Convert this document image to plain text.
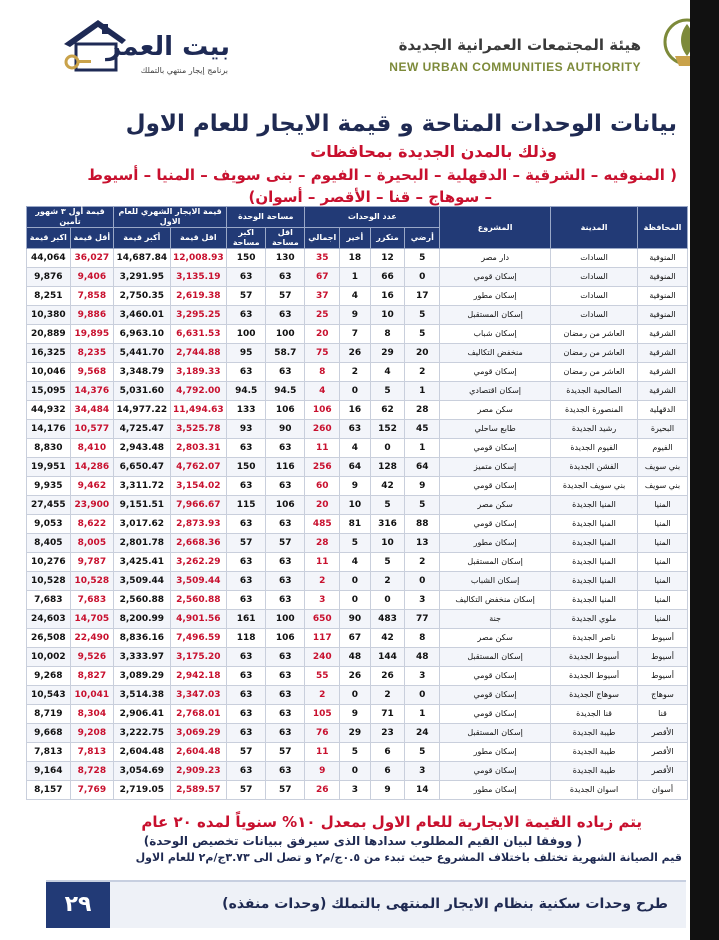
بيت العمر
برنامج إيجار منتهي بالتملك
هيئة المجتمعات العمرانية الجديدة
NEW URBAN COMMUNITIES AUTHORITY
بيانات الوحدات المتاحة و قيمة الايجار للعام الاول
وذلك بالمدن الجديدة بمحافظات
( المنوفيه – الشرقية – الدقهلية – البحيرة – الفيوم – بنى سويف – المنيا – أسيوط
– سوهاج – قنا – الأقصر – أسوان)
المحافظة	المدينة	المشروع	عدد الوحدات				مساحة الوحدة		قيمة الايجار الشهري للعام الاول		قيمة أول ٣ شهور تأمين	
			أرضي	متكرر	أخير	اجمالي	اقل مساحة	اكبر مساحة	اقل قيمة	أكبر قيمة	أقل قيمة	اكبر قيمة
المنوفية	السادات	دار مصر	5	12	18	35	130	150	12,008.93	14,687.84	36,027	44,064
المنوفية	السادات	إسكان قومي	0	66	1	67	63	63	3,135.19	3,291.95	9,406	9,876
المنوفية	السادات	إسكان مطور	17	16	4	37	57	57	2,619.38	2,750.35	7,858	8,251
المنوفية	السادات	إسكان المستقبل	5	10	9	25	63	63	3,295.25	3,460.01	9,886	10,380
الشرقية	العاشر من رمضان	إسكان شباب	5	8	7	20	100	100	6,631.53	6,963.10	19,895	20,889
الشرقية	العاشر من رمضان	منخفض التكاليف	20	29	26	75	58.7	95	2,744.88	5,441.70	8,235	16,325
الشرقية	العاشر من رمضان	إسكان قومي	2	4	2	8	63	63	3,189.33	3,348.79	9,568	10,046
الشرقية	الصالحية الجديدة	إسكان اقتصادي	1	5	0	4	94.5	94.5	4,792.00	5,031.60	14,376	15,095
الدقهلية	المنصورة الجديدة	سكن مصر	28	62	16	106	106	133	11,494.63	14,977.22	34,484	44,932
البحيرة	رشيد الجديدة	طابع ساحلي	45	152	63	260	90	93	3,525.78	4,725.47	10,577	14,176
الفيوم	الفيوم الجديدة	إسكان قومي	1	0	4	11	63	63	2,803.31	2,943.48	8,410	8,830
بني سويف	الفشن الجديدة	إسكان متميز	64	128	64	256	116	150	4,762.07	6,650.47	14,286	19,951
بني سويف	بني سويف الجديدة	إسكان قومي	9	42	9	60	63	63	3,154.02	3,311.72	9,462	9,935
المنيا	المنيا الجديدة	سكن مصر	5	5	10	20	106	115	7,966.67	9,151.51	23,900	27,455
المنيا	المنيا الجديدة	إسكان قومي	88	316	81	485	63	63	2,873.93	3,017.62	8,622	9,053
المنيا	المنيا الجديدة	إسكان مطور	13	10	5	28	57	57	2,668.36	2,801.78	8,005	8,405
المنيا	المنيا الجديدة	إسكان المستقبل	2	5	4	11	63	63	3,262.29	3,425.41	9,787	10,276
المنيا	المنيا الجديدة	إسكان الشباب	0	2	0	2	63	63	3,509.44	3,509.44	10,528	10,528
المنيا	المنيا الجديدة	إسكان منخفض التكاليف	3	0	0	3	63	63	2,560.88	2,560.88	7,683	7,683
المنيا	ملوي الجديدة	جنة	77	483	90	650	100	161	4,901.56	8,200.99	14,705	24,603
أسيوط	ناصر الجديدة	سكن مصر	8	42	67	117	106	118	7,496.59	8,836.16	22,490	26,508
أسيوط	أسيوط الجديدة	إسكان المستقبل	48	144	48	240	63	63	3,175.20	3,333.97	9,526	10,002
أسيوط	أسيوط الجديدة	إسكان قومي	3	26	26	55	63	63	2,942.18	3,089.29	8,827	9,268
سوهاج	سوهاج الجديدة	إسكان قومي	0	2	0	2	63	63	3,347.03	3,514.38	10,041	10,543
قنا	قنا الجديدة	إسكان قومي	1	71	9	105	63	63	2,768.01	2,906.41	8,304	8,719
الأقصر	طيبة الجديدة	إسكان المستقبل	24	23	29	76	63	63	3,069.29	3,222.75	9,208	9,668
الأقصر	طيبة الجديدة	إسكان مطور	5	6	5	11	57	57	2,604.48	2,604.48	7,813	7,813
الأقصر	طيبة الجديدة	إسكان قومي	3	6	0	9	63	63	2,909.23	3,054.69	8,728	9,164
أسوان	اسوان الجديدة	إسكان مطور	14	9	3	26	57	57	2,589.57	2,719.05	7,769	8,157
يتم زياده القيمة الايجارية للعام الاول بمعدل ١٠% سنوياً لمده ٢٠ عام
( ووفقا لبيان القيم المطلوب سدادها الذى سيرفق ببيانات تخصيص الوحدة)
قيم الصيانة الشهرية تختلف باختلاف المشروع حيث تبدء من ٠.٥ج/م٢ و تصل الى ٣.٧٣ج/م٢ للعام الاول
٢٩	طرح وحدات سكنية بنظام الايجار المنتهى بالتملك (وحدات منفذه)
